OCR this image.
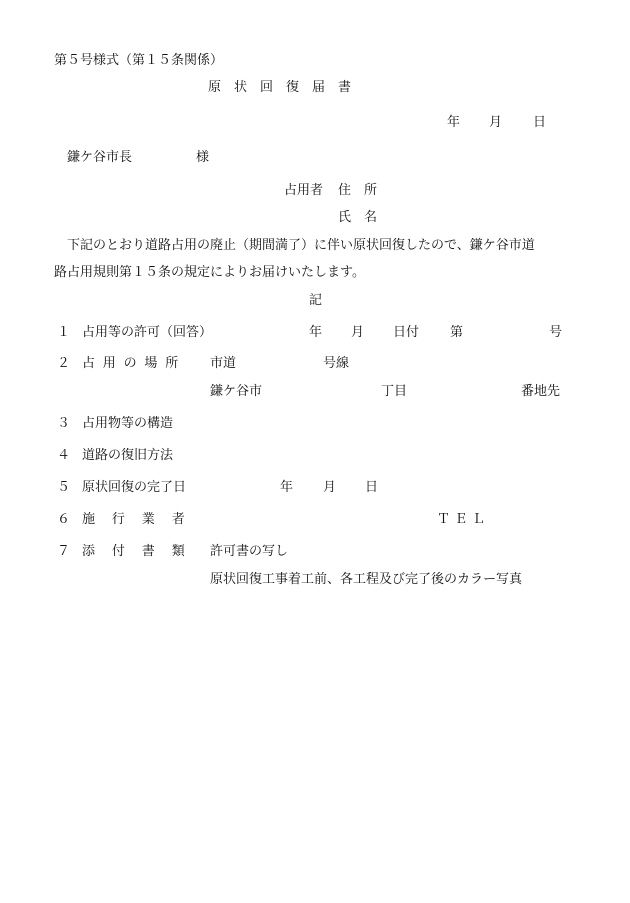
第５号様式（第１５条関係）

原　状　回　復　届　書

年 月 日

鎌ケ谷市長	様

占用者 住　所

氏　名

下記のとおり道路占用の廃止（期間満了）に伴い原状回復したので、鎌ケ谷市道

路占用規則第１５条の規定によりお届けいたします。

記

１ 占用等の許可（回答）	年 月 日付 第	号

２ 占用の場所 市道	号線

鎌ケ谷市	丁目	番地先

３ 占用物等の構造

４ 道路の復旧方法

５ 原状回復の完了日	年 月 日

６ 施行業者	ＴＥＬ

７ 添付書類 許可書の写し

原状回復工事着工前、各工程及び完了後のカラー写真
